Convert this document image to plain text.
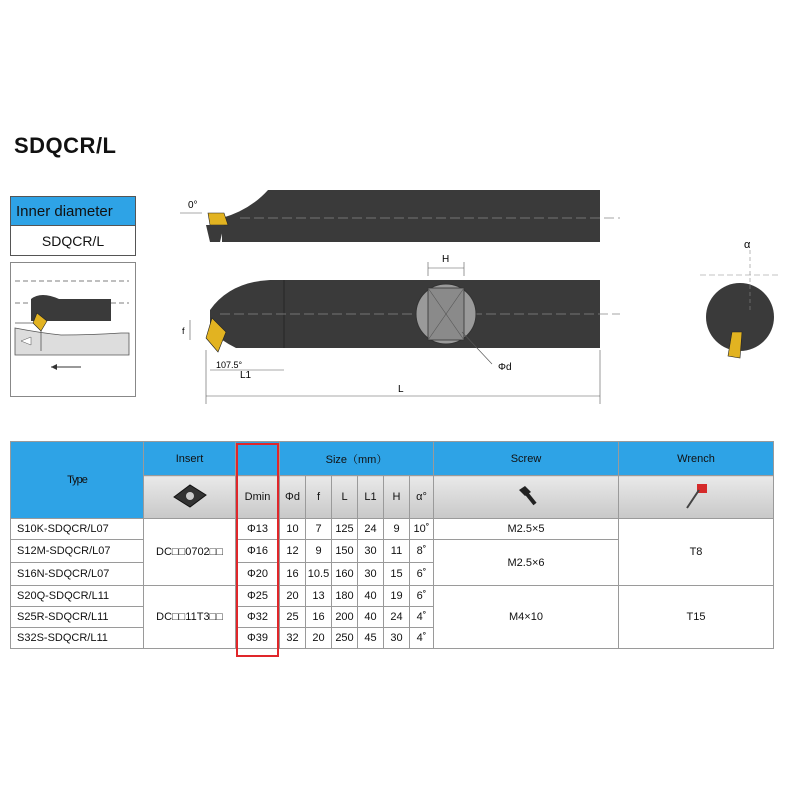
SDQCR/L
Inner diameter
SDQCR/L
0°
H
Φd
f
107.5°
L1
L
α
Type	Insert		Size（mm）						Screw	Wrench
	Dmin	Φd	f	L	L1	H	α°		
S10K-SDQCR/L07	DC□□0702□□	Φ13	10	7	125	24	9	10˚	M2.5×5	T8
S12M-SDQCR/L07		Φ16	12	9	150	30	11	8˚	M2.5×6	
S16N-SDQCR/L07		Φ20	16	10.5	160	30	15	6˚		
S20Q-SDQCR/L11	DC□□11T3□□	Φ25	20	13	180	40	19	6˚	M4×10	T15
S25R-SDQCR/L11		Φ32	25	16	200	40	24	4˚		
S32S-SDQCR/L11		Φ39	32	20	250	45	30	4˚		
